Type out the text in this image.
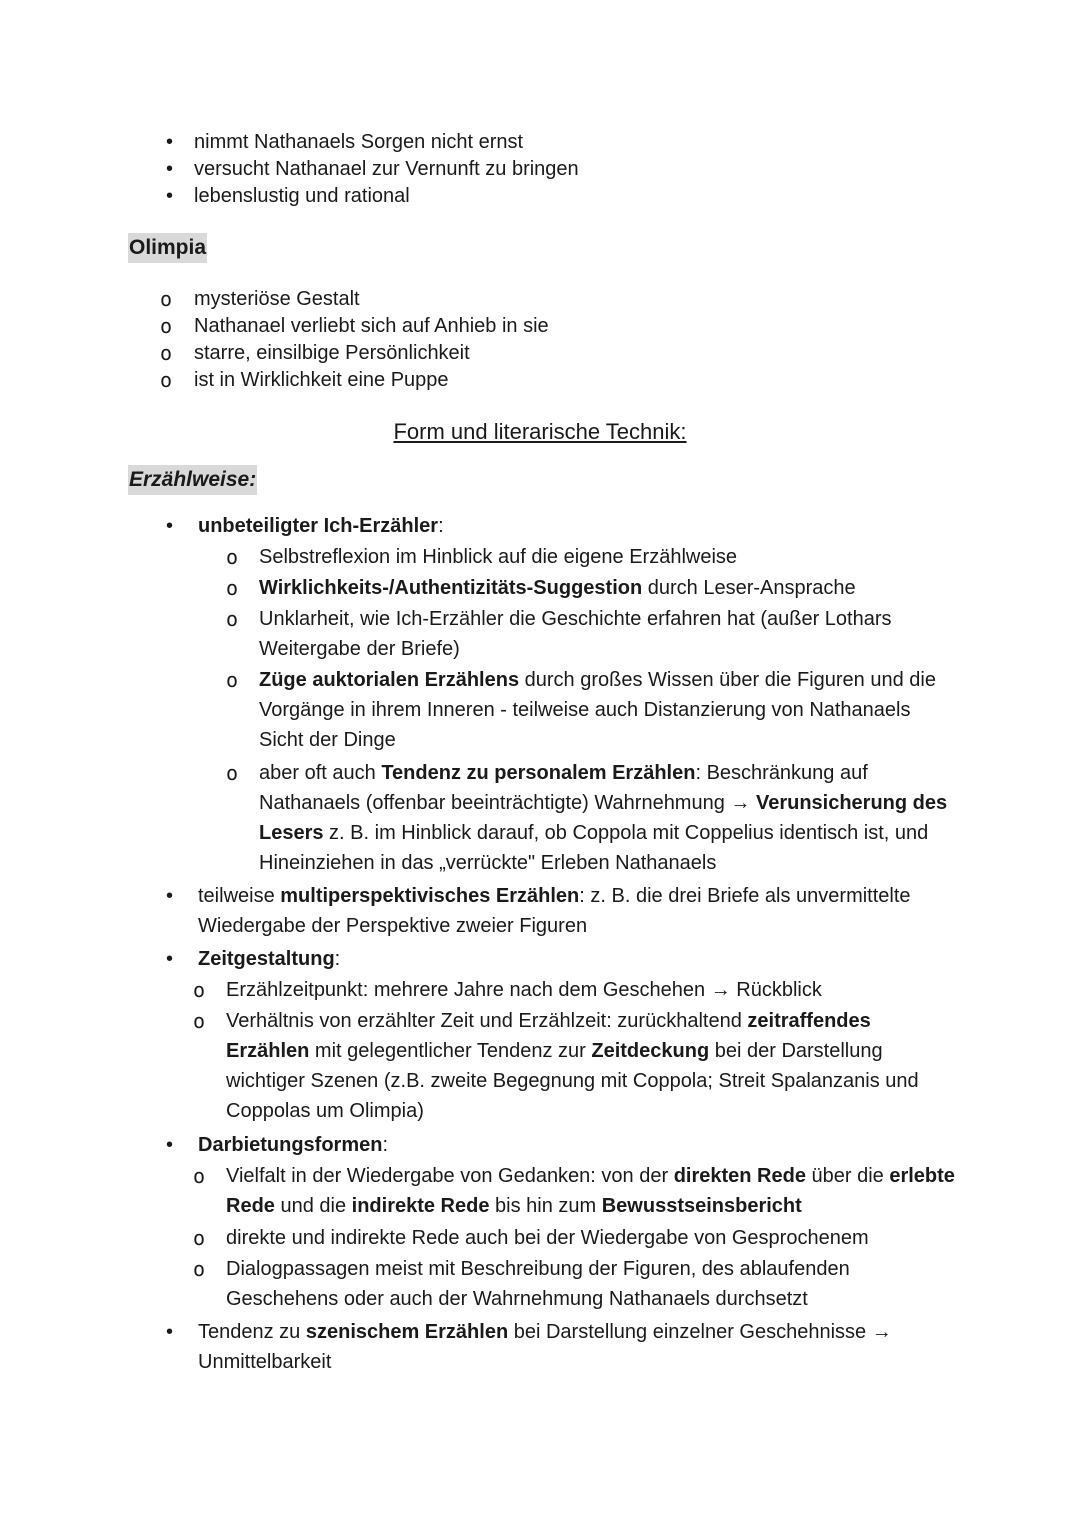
• nimmt Nathanaels Sorgen nicht ernst
• versucht Nathanael zur Vernunft zu bringen
• lebenslustig und rational
Olimpia
o mysteriöse Gestalt
o Nathanael verliebt sich auf Anhieb in sie
o starre, einsilbige Persönlichkeit
o ist in Wirklichkeit eine Puppe
Form und literarische Technik:
Erzählweise:
• unbeteiligter Ich-Erzähler:
o Selbstreflexion im Hinblick auf die eigene Erzählweise
o Wirklichkeits-/Authentizitäts-Suggestion durch Leser-Ansprache
o Unklarheit, wie Ich-Erzähler die Geschichte erfahren hat (außer Lothars Weitergabe der Briefe)
o Züge auktorialen Erzählens durch großes Wissen über die Figuren und die Vorgänge in ihrem Inneren - teilweise auch Distanzierung von Nathanaels Sicht der Dinge
o aber oft auch Tendenz zu personalem Erzählen: Beschränkung auf Nathanaels (offenbar beeinträchtigte) Wahrnehmung → Verunsicherung des Lesers z. B. im Hinblick darauf, ob Coppola mit Coppelius identisch ist, und Hineinziehen in das „verrückte" Erleben Nathanaels
• teilweise multiperspektivisches Erzählen: z. B. die drei Briefe als unvermittelte Wiedergabe der Perspektive zweier Figuren
• Zeitgestaltung:
o Erzählzeitpunkt: mehrere Jahre nach dem Geschehen → Rückblick
o Verhältnis von erzählter Zeit und Erzählzeit: zurückhaltend zeitraffendes Erzählen mit gelegentlicher Tendenz zur Zeitdeckung bei der Darstellung wichtiger Szenen (z.B. zweite Begegnung mit Coppola; Streit Spalanzanis und Coppolas um Olimpia)
• Darbietungsformen:
o Vielfalt in der Wiedergabe von Gedanken: von der direkten Rede über die erlebte Rede und die indirekte Rede bis hin zum Bewusstseinsbericht
o direkte und indirekte Rede auch bei der Wiedergabe von Gesprochenem
o Dialogpassagen meist mit Beschreibung der Figuren, des ablaufenden Geschehens oder auch der Wahrnehmung Nathanaels durchsetzt
• Tendenz zu szenischem Erzählen bei Darstellung einzelner Geschehnisse → Unmittelbarkeit
